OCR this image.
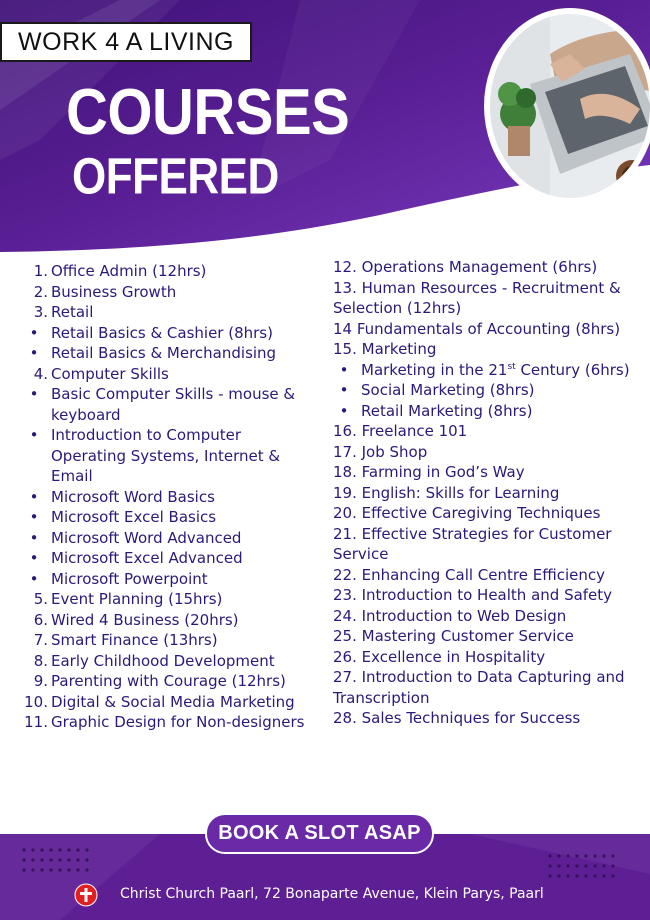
WORK 4 A LIVING
COURSES
OFFERED
1. Office Admin (12hrs)
2. Business Growth
3. Retail
• Retail Basics & Cashier (8hrs)
• Retail Basics & Merchandising
4. Computer Skills
• Basic Computer Skills - mouse & keyboard
• Introduction to Computer Operating Systems, Internet & Email
• Microsoft Word Basics
• Microsoft Excel Basics
• Microsoft Word Advanced
• Microsoft Excel Advanced
• Microsoft Powerpoint
5. Event Planning (15hrs)
6. Wired 4 Business (20hrs)
7. Smart Finance (13hrs)
8. Early Childhood Development
9. Parenting with Courage (12hrs)
10. Digital & Social Media Marketing
11. Graphic Design for Non-designers
12. Operations Management (6hrs)
13. Human Resources - Recruitment & Selection (12hrs)
14 Fundamentals of Accounting (8hrs)
15. Marketing
• Marketing in the 21st Century (6hrs)
• Social Marketing (8hrs)
• Retail Marketing (8hrs)
16. Freelance 101
17. Job Shop
18. Farming in God’s Way
19. English: Skills for Learning
20. Effective Caregiving Techniques
21. Effective Strategies for Customer Service
22. Enhancing Call Centre Efficiency
23. Introduction to Health and Safety
24. Introduction to Web Design
25. Mastering Customer Service
26. Excellence in Hospitality
27. Introduction to Data Capturing and Transcription
28. Sales Techniques for Success
BOOK A SLOT ASAP
Christ Church Paarl, 72 Bonaparte Avenue, Klein Parys, Paarl
